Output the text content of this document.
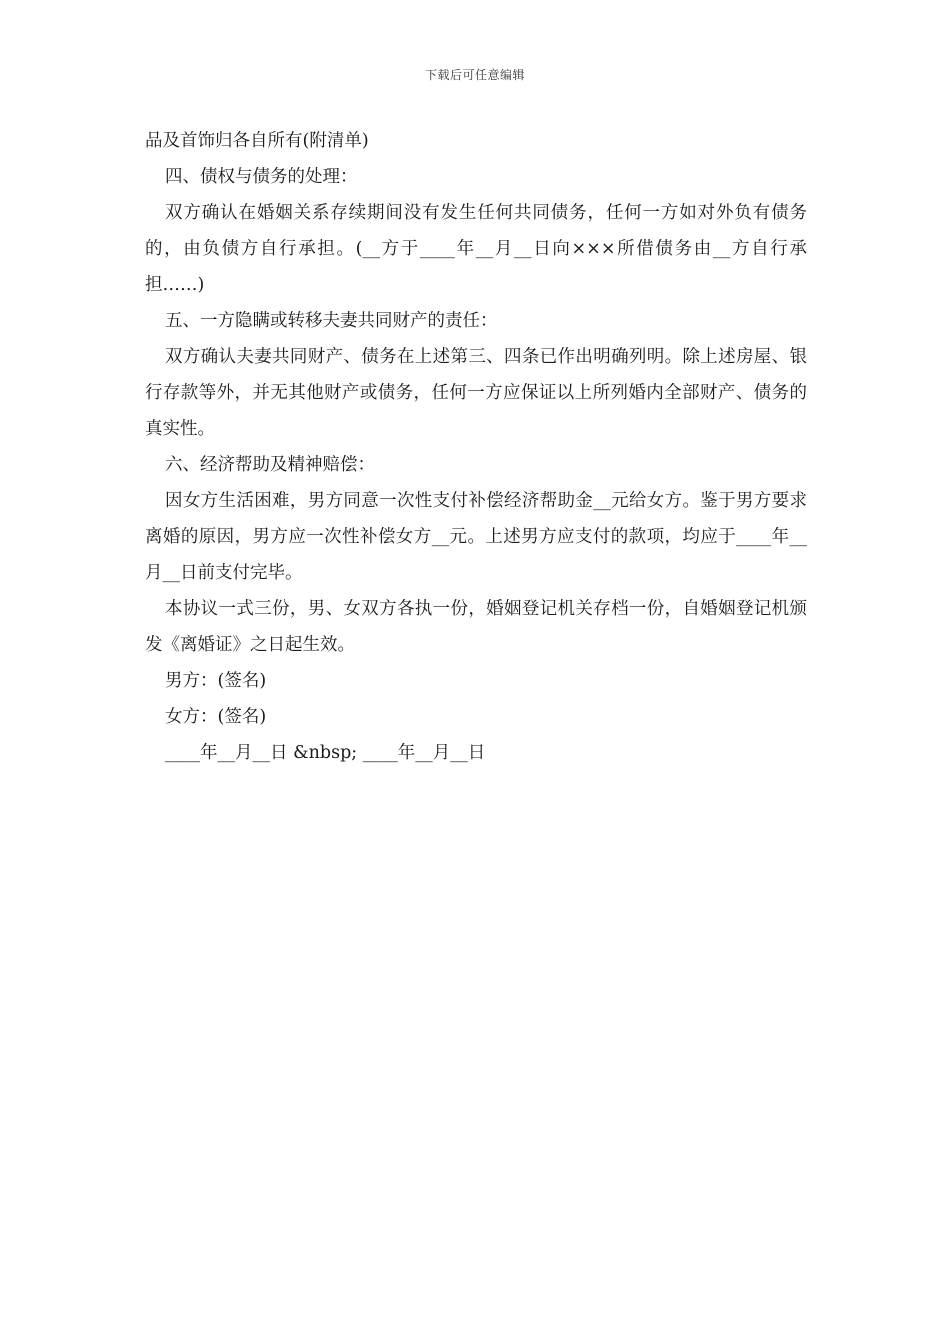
下载后可任意编辑

品及首饰归各自所有(附清单)

四、债权与债务的处理：

双方确认在婚姻关系存续期间没有发生任何共同债务，任何一方如对外负有债务的，由负债方自行承担。(__方于____年__月__日向×××所借债务由__方自行承担……)

五、一方隐瞒或转移夫妻共同财产的责任：

双方确认夫妻共同财产、债务在上述第三、四条已作出明确列明。除上述房屋、银行存款等外，并无其他财产或债务，任何一方应保证以上所列婚内全部财产、债务的真实性。

六、经济帮助及精神赔偿：

因女方生活困难，男方同意一次性支付补偿经济帮助金__元给女方。鉴于男方要求离婚的原因，男方应一次性补偿女方__元。上述男方应支付的款项，均应于____年__月__日前支付完毕。

本协议一式三份，男、女双方各执一份，婚姻登记机关存档一份，自婚姻登记机颁发《离婚证》之日起生效。

男方：(签名)

女方：(签名)

____年__月__日 &nbsp; ____年__月__日
